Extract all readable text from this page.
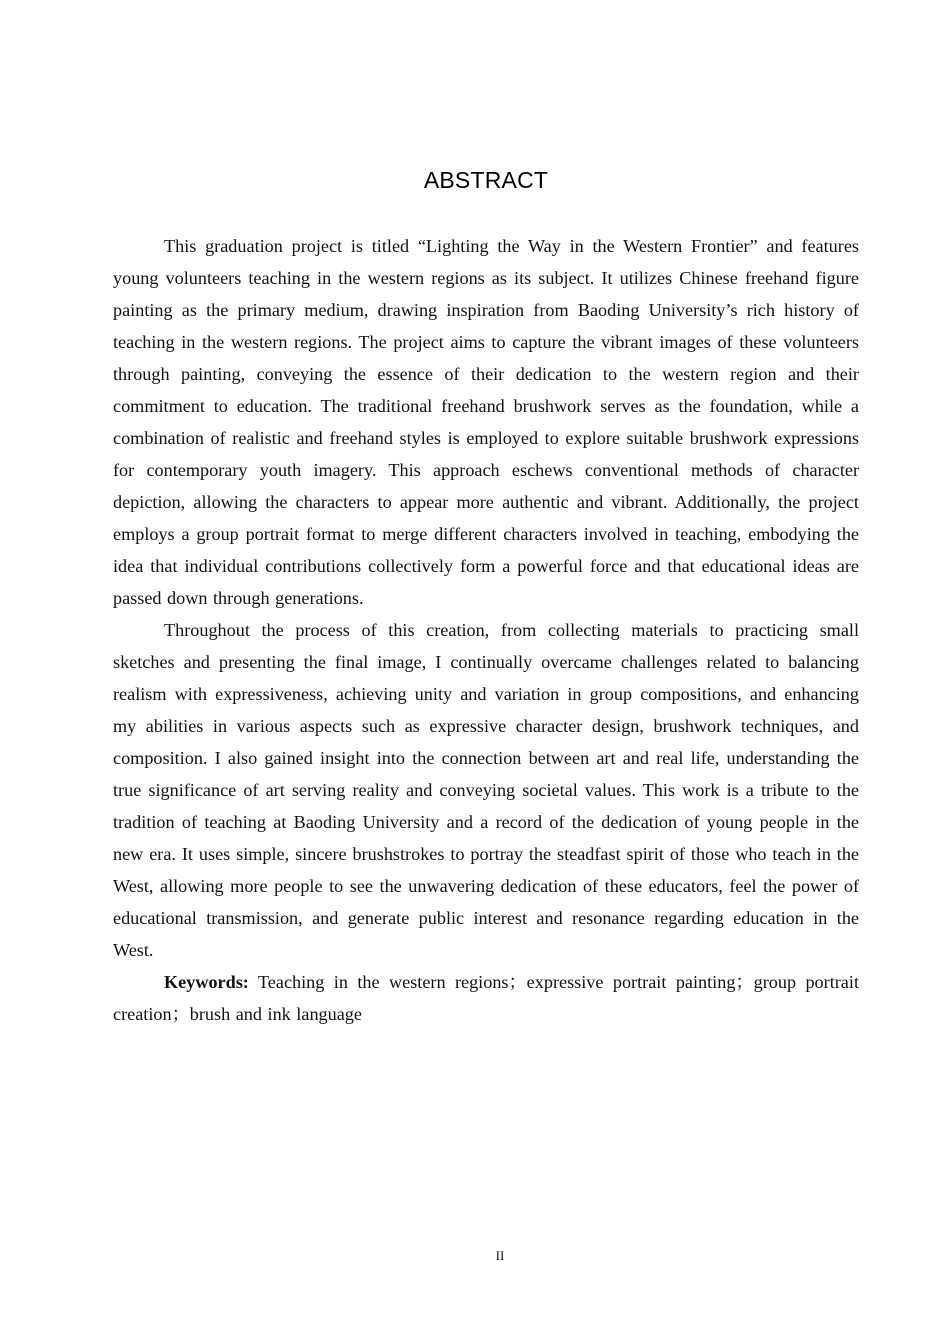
ABSTRACT

This graduation project is titled “Lighting the Way in the Western Frontier” and features young volunteers teaching in the western regions as its subject. It utilizes Chinese freehand figure painting as the primary medium, drawing inspiration from Baoding University’s rich history of teaching in the western regions. The project aims to capture the vibrant images of these volunteers through painting, conveying the essence of their dedication to the western region and their commitment to education. The traditional freehand brushwork serves as the foundation, while a combination of realistic and freehand styles is employed to explore suitable brushwork expressions for contemporary youth imagery. This approach eschews conventional methods of character depiction, allowing the characters to appear more authentic and vibrant. Additionally, the project employs a group portrait format to merge different characters involved in teaching, embodying the idea that individual contributions collectively form a powerful force and that educational ideas are passed down through generations.

Throughout the process of this creation, from collecting materials to practicing small sketches and presenting the final image, I continually overcame challenges related to balancing realism with expressiveness, achieving unity and variation in group compositions, and enhancing my abilities in various aspects such as expressive character design, brushwork techniques, and composition. I also gained insight into the connection between art and real life, understanding the true significance of art serving reality and conveying societal values. This work is a tribute to the tradition of teaching at Baoding University and a record of the dedication of young people in the new era. It uses simple, sincere brushstrokes to portray the steadfast spirit of those who teach in the West, allowing more people to see the unwavering dedication of these educators, feel the power of educational transmission, and generate public interest and resonance regarding education in the West.

Keywords: Teaching in the western regions；expressive portrait painting；group portrait creation；brush and ink language

II
